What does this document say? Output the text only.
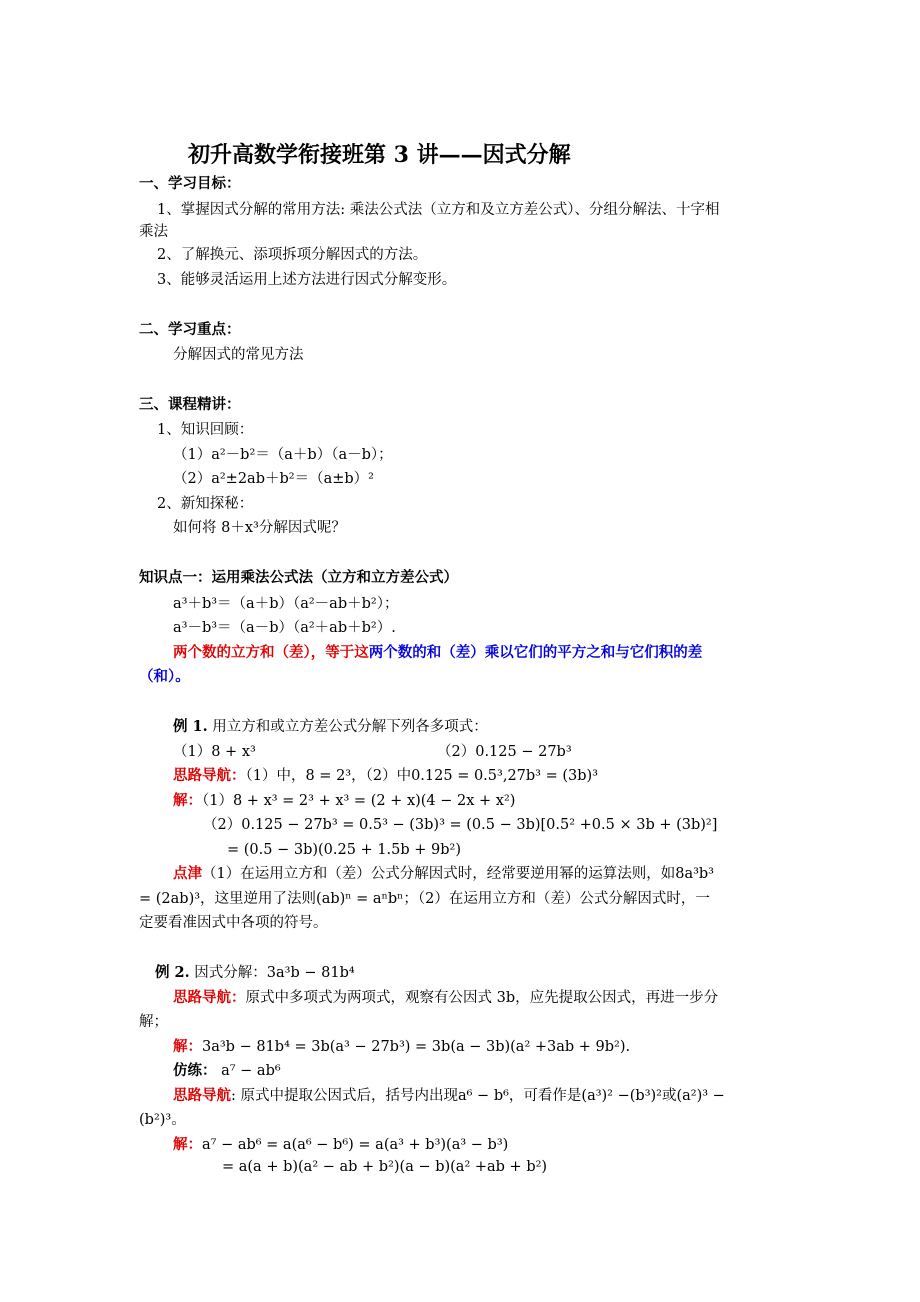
初升高数学衔接班第 3 讲——因式分解
一、学习目标：
1、掌握因式分解的常用方法: 乘法公式法（立方和及立方差公式）、分组分解法、十字相
乘法
2、了解换元、添项拆项分解因式的方法。
3、能够灵活运用上述方法进行因式分解变形。
二、学习重点：
分解因式的常见方法
三、课程精讲：
1、知识回顾：
（1）a²－b²＝（a＋b）（a－b）；
（2）a²±2ab＋b²＝（a±b）²
2、新知探秘：
如何将 8＋x³分解因式呢？
知识点一：运用乘法公式法（立方和立方差公式）
a³＋b³＝（a＋b）（a²－ab＋b²）；
a³－b³＝（a－b）（a²＋ab＋b²）.
两个数的立方和（差），等于这两个数的和（差）乘以它们的平方之和与它们积的差
（和）。
例 1. 用立方和或立方差公式分解下列各多项式：
（1）8 + x³	（2）0.125 − 27b³
思路导航：（1）中，8 = 2³，（2）中0.125 = 0.5³,27b³ = (3b)³
解：（1）8 + x³ = 2³ + x³ = (2 + x)(4 − 2x + x²)
（2）0.125 − 27b³ = 0.5³ − (3b)³ = (0.5 − 3b)[0.5² +0.5 × 3b + (3b)²]
= (0.5 − 3b)(0.25 + 1.5b + 9b²)
点津（1）在运用立方和（差）公式分解因式时，经常要逆用幂的运算法则，如8a³b³
= (2ab)³，这里逆用了法则(ab)ⁿ = aⁿbⁿ；（2）在运用立方和（差）公式分解因式时，一
定要看准因式中各项的符号。
例 2. 因式分解：3a³b − 81b⁴
思路导航：原式中多项式为两项式，观察有公因式 3b，应先提取公因式，再进一步分
解；
解：3a³b − 81b⁴ = 3b(a³ − 27b³) = 3b(a − 3b)(a² +3ab + 9b²).
仿练： a⁷ − ab⁶
思路导航: 原式中提取公因式后，括号内出现a⁶ − b⁶，可看作是(a³)² −(b³)²或(a²)³ −
(b²)³。
解：a⁷ − ab⁶ = a(a⁶ − b⁶) = a(a³ + b³)(a³ − b³)
= a(a + b)(a² − ab + b²)(a − b)(a² +ab + b²)
